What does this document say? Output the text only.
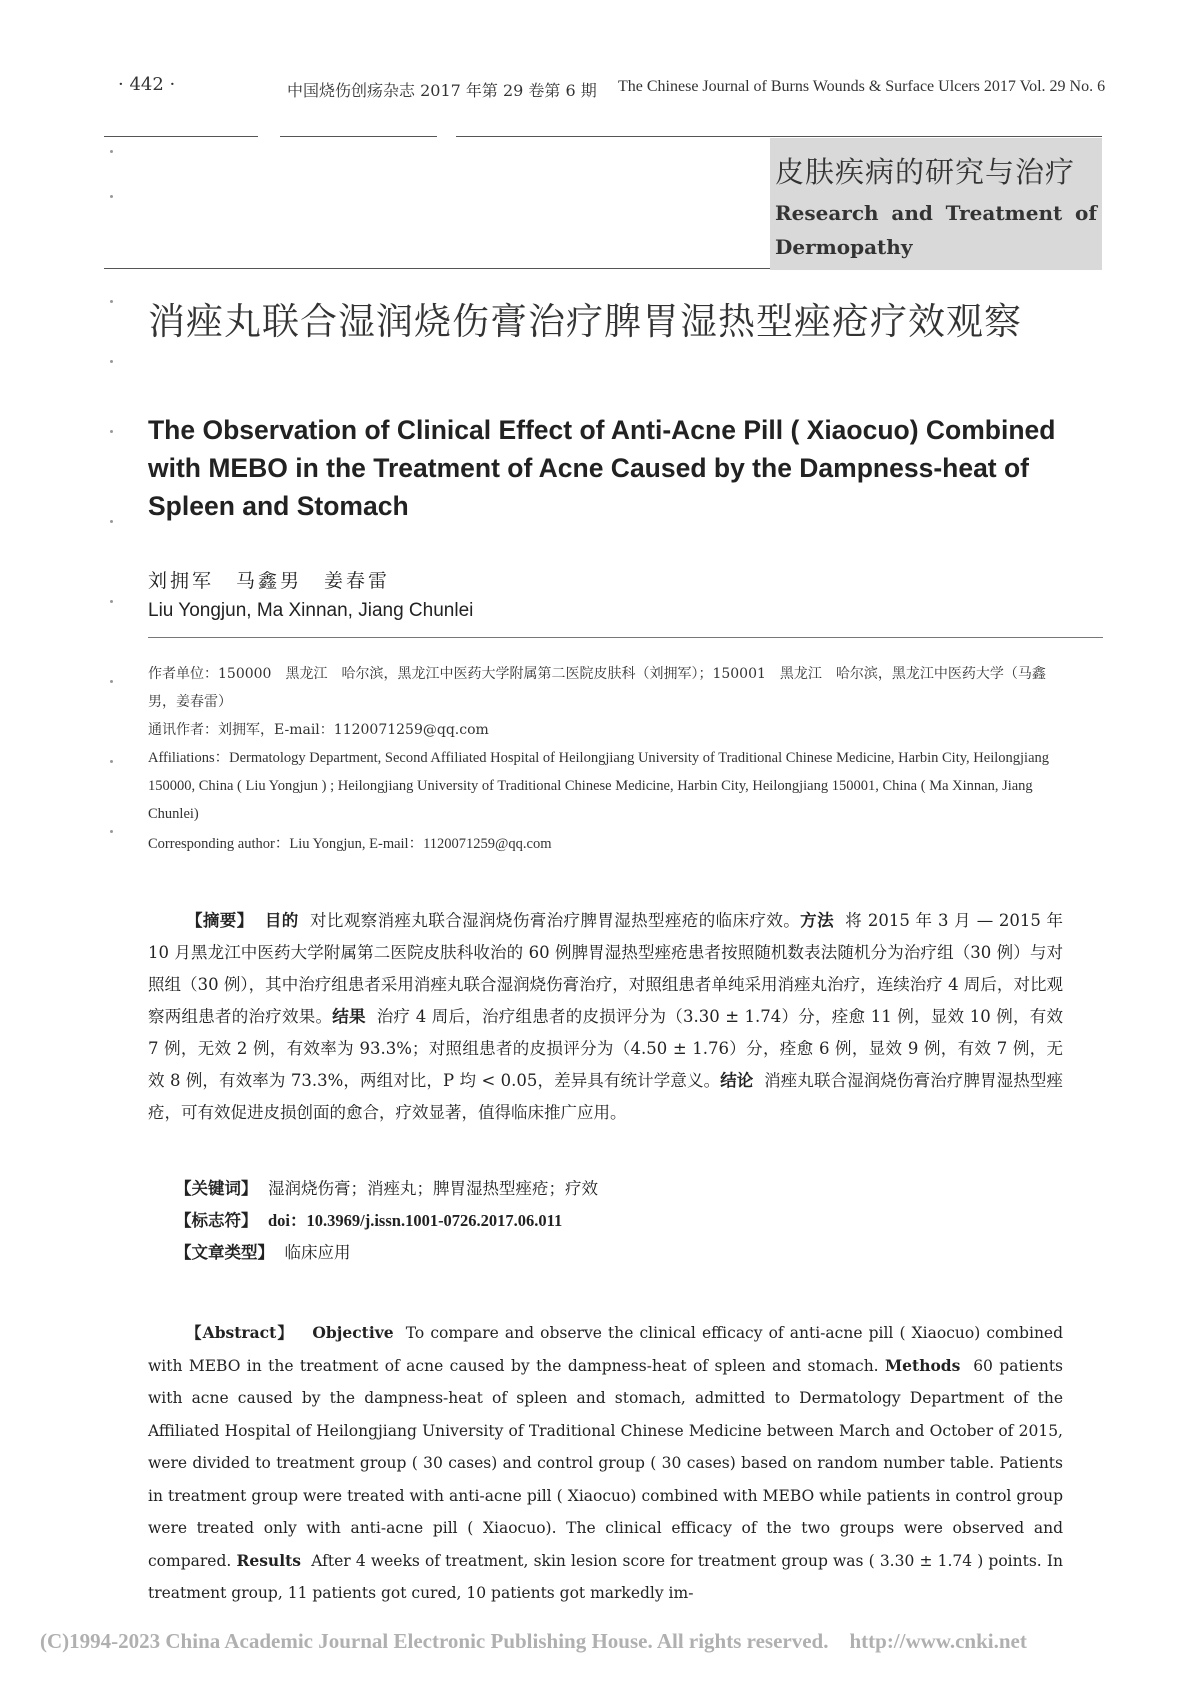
· 442 ·	中国烧伤创疡杂志 2017 年第 29 卷第 6 期 The Chinese Journal of Burns Wounds & Surface Ulcers 2017 Vol. 29 No. 6
皮肤疾病的研究与治疗
Research and Treatment of Dermopathy
消痤丸联合湿润烧伤膏治疗脾胃湿热型痤疮疗效观察
The Observation of Clinical Effect of Anti-Acne Pill ( Xiaocuo) Combined with MEBO in the Treatment of Acne Caused by the Dampness-heat of Spleen and Stomach
刘拥军　马鑫男　姜春雷
Liu Yongjun, Ma Xinnan, Jiang Chunlei
作者单位：150000　黑龙江　哈尔滨，黑龙江中医药大学附属第二医院皮肤科（刘拥军）；150001　黑龙江　哈尔滨，黑龙江中医药大学（马鑫男，姜春雷）
通讯作者：刘拥军，E-mail：1120071259@qq.com
Affiliations：Dermatology Department, Second Affiliated Hospital of Heilongjiang University of Traditional Chinese Medicine, Harbin City, Heilongjiang 150000, China ( Liu Yongjun ) ; Heilongjiang University of Traditional Chinese Medicine, Harbin City, Heilongjiang 150001, China ( Ma Xinnan, Jiang Chunlei)
Corresponding author：Liu Yongjun, E-mail：1120071259@qq.com
【摘要】 目的 对比观察消痤丸联合湿润烧伤膏治疗脾胃湿热型痤疮的临床疗效。方法 将 2015 年 3 月 — 2015 年 10 月黑龙江中医药大学附属第二医院皮肤科收治的 60 例脾胃湿热型痤疮患者按照随机数表法随机分为治疗组（30 例）与对照组（30 例），其中治疗组患者采用消痤丸联合湿润烧伤膏治疗，对照组患者单纯采用消痤丸治疗，连续治疗 4 周后，对比观察两组患者的治疗效果。结果 治疗 4 周后，治疗组患者的皮损评分为（3.30 ± 1.74）分，痊愈 11 例，显效 10 例，有效 7 例，无效 2 例，有效率为 93.3%；对照组患者的皮损评分为（4.50 ± 1.76）分，痊愈 6 例，显效 9 例，有效 7 例，无效 8 例，有效率为 73.3%，两组对比，P 均 < 0.05，差异具有统计学意义。结论 消痤丸联合湿润烧伤膏治疗脾胃湿热型痤疮，可有效促进皮损创面的愈合，疗效显著，值得临床推广应用。
【关键词】 湿润烧伤膏；消痤丸；脾胃湿热型痤疮；疗效
【标志符】 doi：10.3969/j.issn.1001-0726.2017.06.011
【文章类型】 临床应用
【Abstract】 Objective To compare and observe the clinical efficacy of anti-acne pill ( Xiaocuo) combined with MEBO in the treatment of acne caused by the dampness-heat of spleen and stomach. Methods 60 patients with acne caused by the dampness-heat of spleen and stomach, admitted to Dermatology Department of the Affiliated Hospital of Heilongjiang University of Traditional Chinese Medicine between March and October of 2015, were divided to treatment group ( 30 cases) and control group ( 30 cases) based on random number table. Patients in treatment group were treated with anti-acne pill ( Xiaocuo) combined with MEBO while patients in control group were treated only with anti-acne pill ( Xiaocuo). The clinical efficacy of the two groups were observed and compared. Results After 4 weeks of treatment, skin lesion score for treatment group was ( 3.30 ± 1.74 ) points. In treatment group, 11 patients got cured, 10 patients got markedly im-
(C)1994-2023 China Academic Journal Electronic Publishing House. All rights reserved.　http://www.cnki.net
